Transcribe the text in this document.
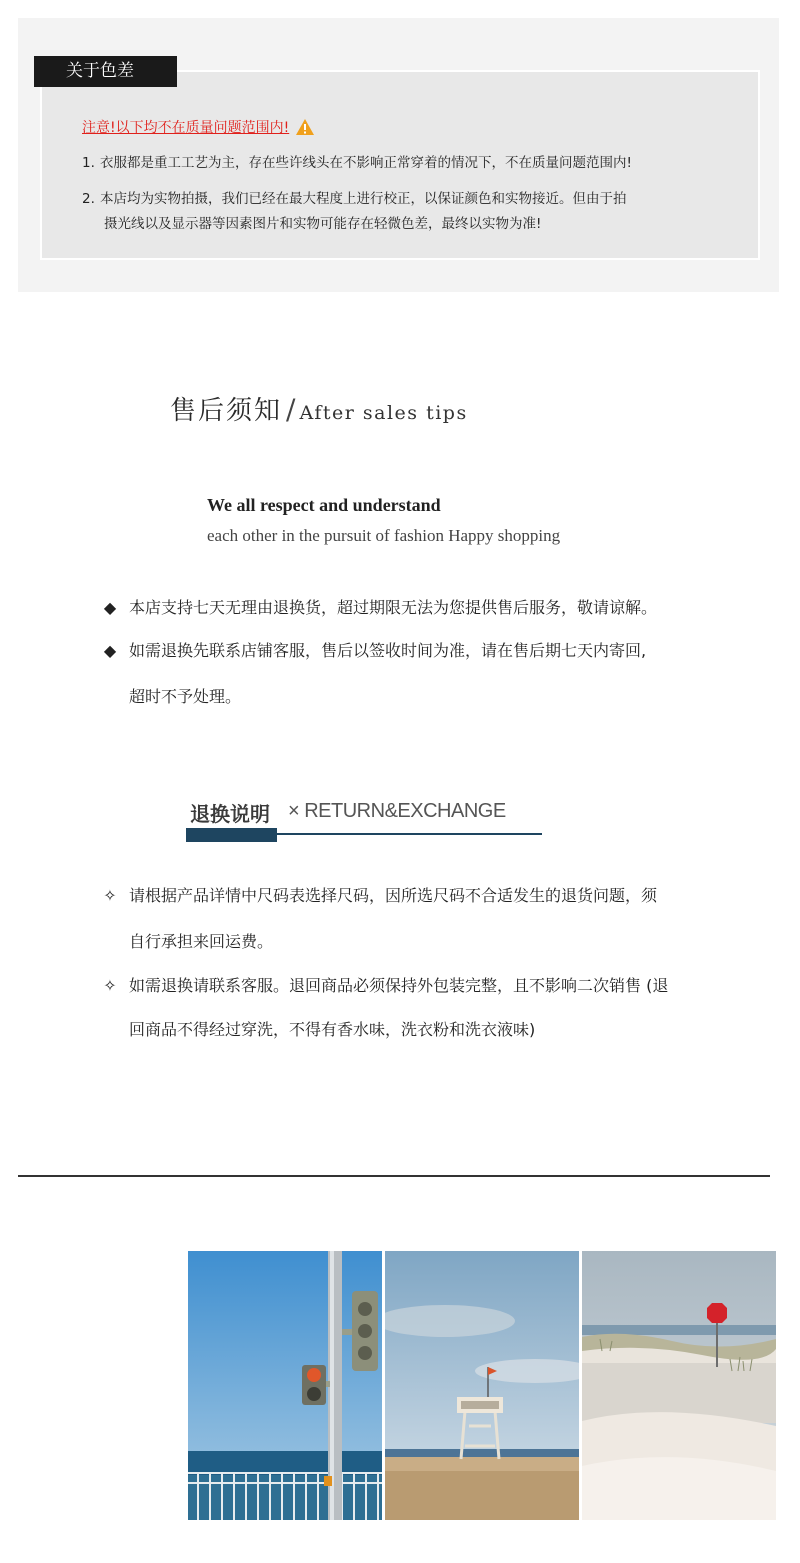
关于色差
注意!以下均不在质量问题范围内!
1. 衣服都是重工工艺为主，存在些许线头在不影响正常穿着的情况下，不在质量问题范围内!
2. 本店均为实物拍摄，我们已经在最大程度上进行校正，以保证颜色和实物接近。但由于拍
摄光线以及显示器等因素图片和实物可能存在轻微色差，最终以实物为准!
售后须知 / After sales tips
We all respect and understand
each other in the pursuit of fashion Happy shopping
◆ 本店支持七天无理由退换货，超过期限无法为您提供售后服务，敬请谅解。
◆ 如需退换先联系店铺客服，售后以签收时间为准，请在售后期七天内寄回,
超时不予处理。
退换说明 × RETURN&EXCHANGE
✧ 请根据产品详情中尺码表选择尺码，因所选尺码不合适发生的退货问题，须
自行承担来回运费。
✧ 如需退换请联系客服。退回商品必须保持外包装完整，且不影响二次销售 (退
回商品不得经过穿洗，不得有香水味，洗衣粉和洗衣液味)
